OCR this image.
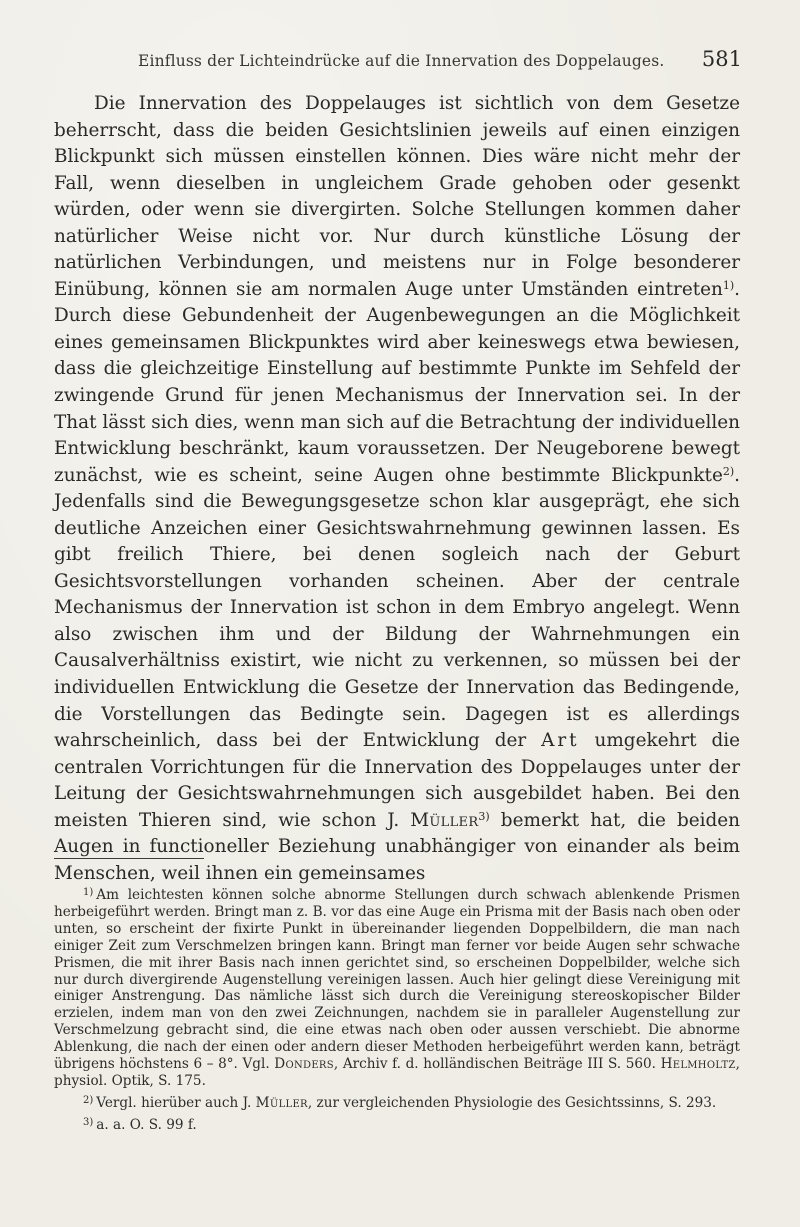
Einfluss der Lichteindrücke auf die Innervation des Doppelauges. 581

Die Innervation des Doppelauges ist sichtlich von dem Gesetze beherrscht, dass die beiden Gesichtslinien jeweils auf einen einzigen Blickpunkt sich müssen einstellen können. Dies wäre nicht mehr der Fall, wenn dieselben in ungleichem Grade gehoben oder gesenkt würden, oder wenn sie divergirten. Solche Stellungen kommen daher natürlicher Weise nicht vor. Nur durch künstliche Lösung der natürlichen Verbindungen, und meistens nur in Folge besonderer Einübung, können sie am normalen Auge unter Umständen eintreten$^{1)}$. Durch diese Gebundenheit der Augenbewegungen an die Möglichkeit eines gemeinsamen Blickpunktes wird aber keineswegs etwa bewiesen, dass die gleichzeitige Einstellung auf bestimmte Punkte im Sehfeld der zwingende Grund für jenen Mechanismus der Innervation sei. In der That lässt sich dies, wenn man sich auf die Betrachtung der individuellen Entwicklung beschränkt, kaum voraussetzen. Der Neugeborene bewegt zunächst, wie es scheint, seine Augen ohne bestimmte Blickpunkte$^{2)}$. Jedenfalls sind die Bewegungsgesetze schon klar ausgeprägt, ehe sich deutliche Anzeichen einer Gesichtswahrnehmung gewinnen lassen. Es gibt freilich Thiere, bei denen sogleich nach der Geburt Gesichtsvorstellungen vorhanden scheinen. Aber der centrale Mechanismus der Innervation ist schon in dem Embryo angelegt. Wenn also zwischen ihm und der Bildung der Wahrnehmungen ein Causalverhältniss existirt, wie nicht zu verkennen, so müssen bei der individuellen Entwicklung die Gesetze der Innervation das Bedingende, die Vorstellungen das Bedingte sein. Dagegen ist es allerdings wahrscheinlich, dass bei der Entwicklung der Art umgekehrt die centralen Vorrichtungen für die Innervation des Doppelauges unter der Leitung der Gesichtswahrnehmungen sich ausgebildet haben. Bei den meisten Thieren sind, wie schon J. Müller$^{3)}$ bemerkt hat, die beiden Augen in functioneller Beziehung unabhängiger von einander als beim Menschen, weil ihnen ein gemeinsames

$^{1)}$ Am leichtesten können solche abnorme Stellungen durch schwach ablenkende Prismen herbeigeführt werden. Bringt man z. B. vor das eine Auge ein Prisma mit der Basis nach oben oder unten, so erscheint der fixirte Punkt in übereinander liegenden Doppelbildern, die man nach einiger Zeit zum Verschmelzen bringen kann. Bringt man ferner vor beide Augen sehr schwache Prismen, die mit ihrer Basis nach innen gerichtet sind, so erscheinen Doppelbilder, welche sich nur durch divergirende Augenstellung vereinigen lassen. Auch hier gelingt diese Vereinigung mit einiger Anstrengung. Das nämliche lässt sich durch die Vereinigung stereoskopischer Bilder erzielen, indem man von den zwei Zeichnungen, nachdem sie in paralleler Augenstellung zur Verschmelzung gebracht sind, die eine etwas nach oben oder aussen verschiebt. Die abnorme Ablenkung, die nach der einen oder andern dieser Methoden herbeigeführt werden kann, beträgt übrigens höchstens 6 – 8°. Vgl. Donders, Archiv f. d. holländischen Beiträge III S. 560. Helmholtz, physiol. Optik, S. 175.

$^{2)}$ Vergl. hierüber auch J. Müller, zur vergleichenden Physiologie des Gesichtssinns, S. 293.

$^{3)}$ a. a. O. S. 99 f.
